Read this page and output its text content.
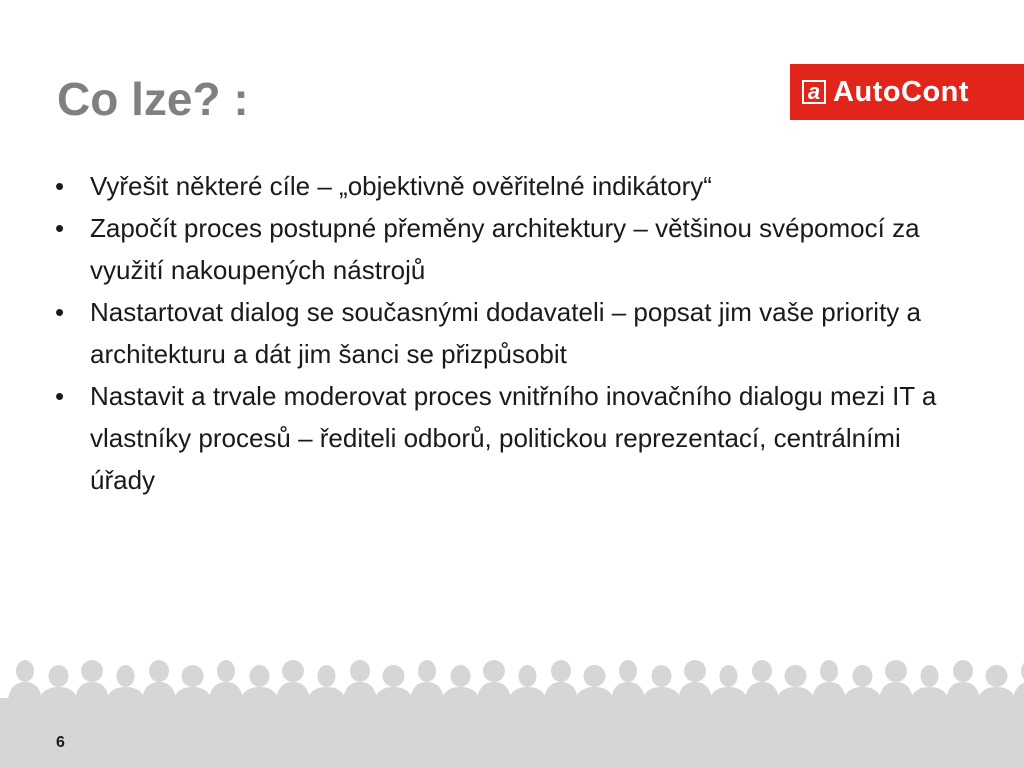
Co lze? :	a AutoCont
• Vyřešit některé cíle – „objektivně ověřitelné indikátory“
• Započít proces postupné přeměny architektury – většinou svépomocí za využití nakoupených nástrojů
• Nastartovat dialog se současnými dodavateli – popsat jim vaše priority a architekturu a dát jim šanci se přizpůsobit
• Nastavit a trvale moderovat proces vnitřního inovačního dialogu mezi IT a vlastníky procesů – řediteli odborů, politickou reprezentací, centrálními úřady
6
